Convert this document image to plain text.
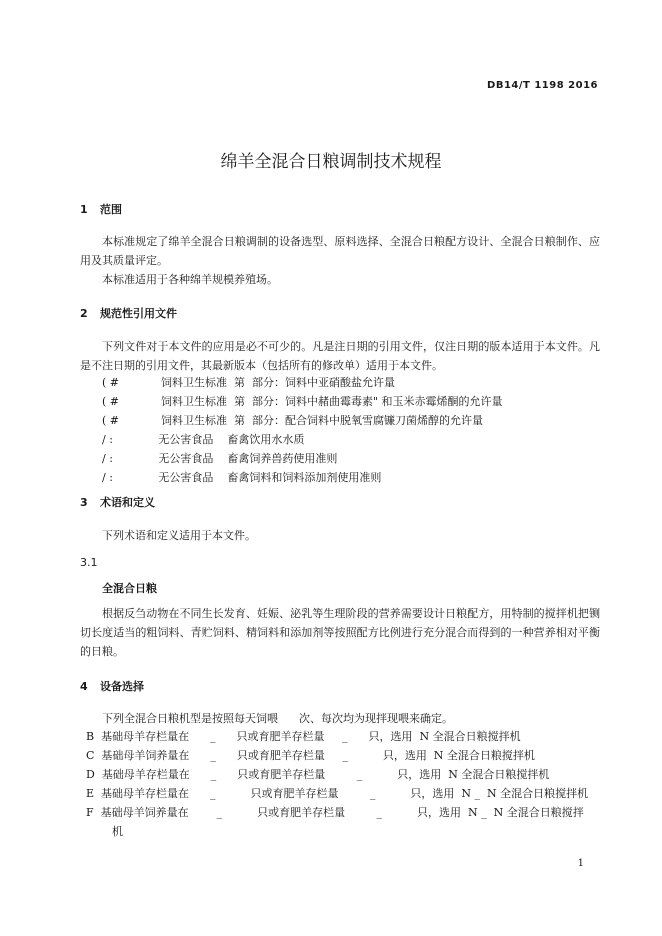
DB14/T 1198 2016
绵羊全混合日粮调制技术规程
1 范围
本标准规定了绵羊全混合日粮调制的设备选型、原料选择、全混合日粮配方设计、全混合日粮制作、应用及其质量评定。
本标准适用于各种绵羊规模养殖场。
2 规范性引用文件
下列文件对于本文件的应用是必不可少的。凡是注日期的引用文件，仅注日期的版本适用于本文件。凡是不注日期的引用文件，其最新版本（包括所有的修改单）适用于本文件。
( #            饲料卫生标准  第  部分：饲料中亚硝酸盐允许量
( #            饲料卫生标准  第  部分：饲料中赭曲霉毒素" 和玉米赤霉烯酮的允许量
( #            饲料卫生标准  第  部分：配合饲料中脱氧雪腐镰刀菌烯醇的允许量
/ :             无公害食品    畜禽饮用水水质
/ :             无公害食品    畜禽饲养兽药使用准则
/ :             无公害食品    畜禽饲料和饲料添加剂使用准则
3 术语和定义
下列术语和定义适用于本文件。
3.1
全混合日粮
根据反刍动物在不同生长发育、妊娠、泌乳等生理阶段的营养需要设计日粮配方，用特制的搅拌机把铡切长度适当的粗饲料、青贮饲料、精饲料和添加剂等按照配方比例进行充分混合而得到的一种营养相对平衡的日粮。
4 设备选择
下列全混合日粮机型是按照每天饲喂      次、每次均为现拌现喂来确定。
B  基础母羊存栏量在      _      只或育肥羊存栏量     _      只，选用  N 全混合日粮搅拌机
C  基础母羊饲养量在      _      只或育肥羊存栏量     _          只，选用  N 全混合日粮搅拌机
D  基础母羊存栏量在      _      只或育肥羊存栏量         _          只，选用  N 全混合日粮搅拌机
E  基础母羊存栏量在      _          只或育肥羊存栏量         _          只，选用  N _  N 全混合日粮搅拌机
F  基础母羊饲养量在        _          只或育肥羊存栏量         _          只，选用  N _  N 全混合日粮搅拌
机
1
